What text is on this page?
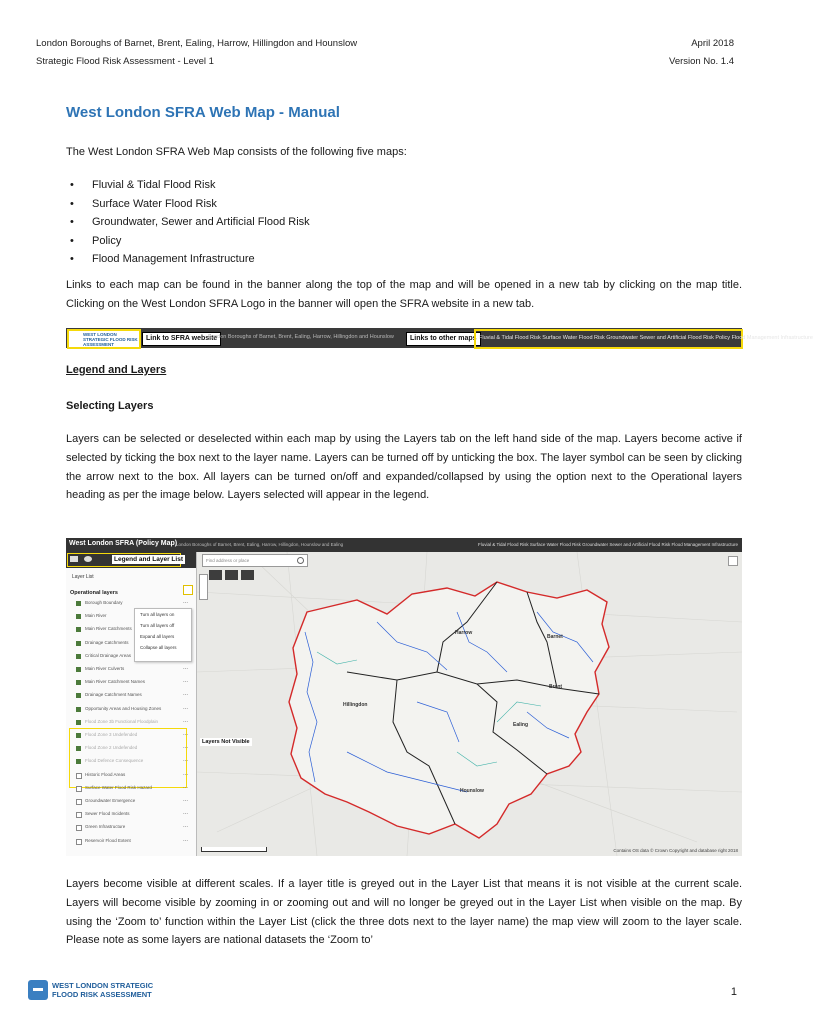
London Boroughs of Barnet, Brent, Ealing, Harrow, Hillingdon and Hounslow	April 2018
Strategic Flood Risk Assessment - Level 1	Version No. 1.4
West London SFRA Web Map - Manual
The West London SFRA Web Map consists of the following five maps:
• Fluvial & Tidal Flood Risk
• Surface Water Flood Risk
• Groundwater, Sewer and Artificial Flood Risk
• Policy
• Flood Management Infrastructure
Links to each map can be found in the banner along the top of the map and will be opened in a new tab by clicking on the map title. Clicking on the West London SFRA Logo in the banner will open the SFRA website in a new tab.
WEST LONDON STRATEGIC FLOOD RISK ASSESSMENT
Link to SFRA website
London Boroughs of Barnet, Brent, Ealing, Harrow, Hillingdon and Hounslow	Links to other maps Fluvial & Tidal Flood Risk Surface Water Flood Risk Groundwater Sewer and Artificial Flood Risk Policy Flood Management Infrastructure
Legend and Layers
Selecting Layers
Layers can be selected or deselected within each map by using the Layers tab on the left hand side of the map. Layers become active if selected by ticking the box next to the layer name. Layers can be turned off by unticking the box. The layer symbol can be seen by clicking the arrow next to the box. All layers can be turned on/off and expanded/collapsed by using the option next to the Operational layers heading as per the image below. Layers selected will appear in the legend.
West London SFRA (Policy Map)
London Boroughs of Barnet, Brent, Ealing, Harrow, Hillingdon, Hounslow and Ealing	Fluvial & Tidal Flood Risk Surface Water Flood Risk Groundwater Sewer and Artificial Flood Risk Flood Management Infrastructure
Barnet
Harrow
Brent
Hillingdon
Ealing
Hounslow
Legend and Layer List
Layer List
Operational layers
Borough Boundary	...
Main River
Main River Catchments
Drainage Catchments
Critical Drainage Areas
Main River Culverts	...
Main River Catchment Names	...
Drainage Catchment Names	...
Opportunity Areas and Housing Zones	...
Flood Zone 3b Functional Floodplain	...
Flood Zone 3 Undefended	...
Flood Zone 2 Undefended	...
Flood Defence Consequence	...
Historic Flood Areas	...
Surface Water Flood Risk Hazard	...
Groundwater Emergence	...
Sewer Flood Incidents	...
Green Infrastructure	...
Reservoir Flood Extent	...
Turn all layers on
Turn all layers off
Expand all layers
Collapse all layers
Find address or place
Layers Not Visible
Contains OS data © Crown Copyright and database right 2018
Layers become visible at different scales. If a layer title is greyed out in the Layer List that means it is not visible at the current scale. Layers will become visible by zooming in or zooming out and will no longer be greyed out in the Layer List when visible on the map. By using the ‘Zoom to’ function within the Layer List (click the three dots next to the layer name) the map view will zoom to the layer scale. Please note as some layers are national datasets the ‘Zoom to’
WEST LONDON STRATEGIC
FLOOD RISK ASSESSMENT	1
